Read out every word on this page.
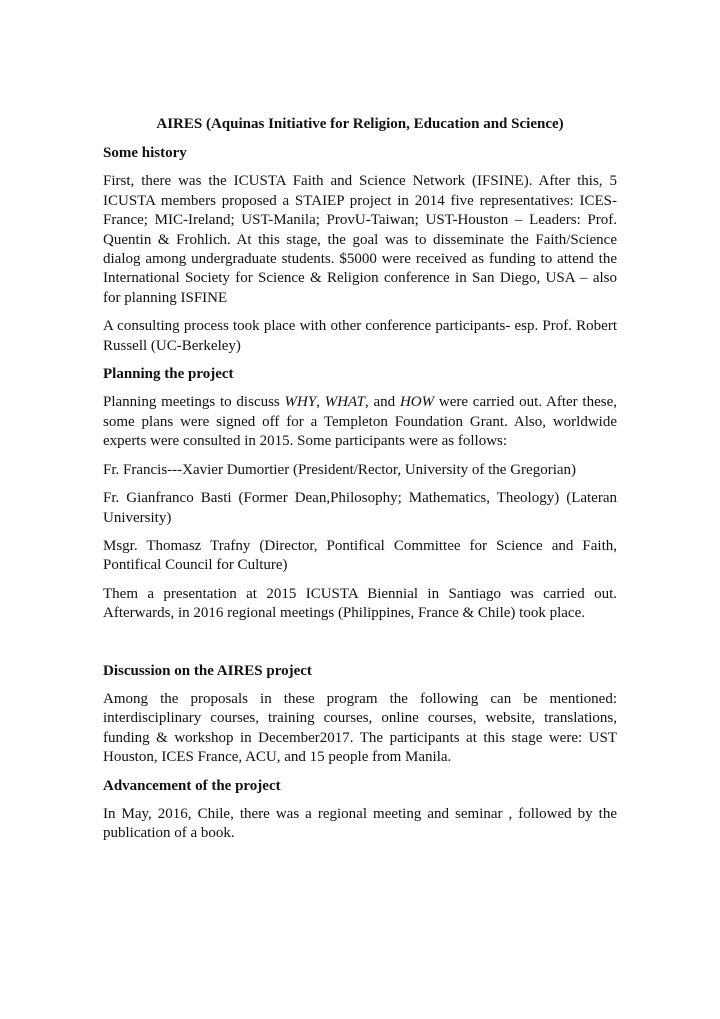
AIRES (Aquinas Initiative for Religion, Education and Science)
Some history

First, there was the ICUSTA Faith and Science Network (IFSINE). After this, 5 ICUSTA members proposed a STAIEP project in 2014 five representatives: ICES-France; MIC-Ireland; UST-Manila; ProvU-Taiwan; UST-Houston – Leaders: Prof. Quentin & Frohlich. At this stage, the goal was to disseminate the Faith/Science dialog among undergraduate students. $5000 were received as funding to attend the International Society for Science & Religion conference in San Diego, USA – also for planning ISFINE

A consulting process took place with other conference participants- esp. Prof. Robert Russell (UC-Berkeley)

Planning the project

Planning meetings to discuss WHY, WHAT, and HOW were carried out. After these, some plans were signed off for a Templeton Foundation Grant. Also, worldwide experts were consulted in 2015. Some participants were as follows:

Fr. Francis---Xavier Dumortier (President/Rector, University of the Gregorian)

Fr. Gianfranco Basti (Former Dean,Philosophy; Mathematics, Theology) (Lateran University)

Msgr. Thomasz Trafny (Director, Pontifical Committee for Science and Faith, Pontifical Council for Culture)

Them a presentation at 2015 ICUSTA Biennial in Santiago was carried out. Afterwards, in 2016 regional meetings (Philippines, France & Chile) took place.

Discussion on the AIRES project

Among the proposals in these program the following can be mentioned: interdisciplinary courses, training courses, online courses, website, translations, funding & workshop in December2017. The participants at this stage were: UST Houston, ICES France, ACU, and 15 people from Manila.

Advancement of the project

In May, 2016, Chile, there was a regional meeting and seminar , followed by the publication of a book.
